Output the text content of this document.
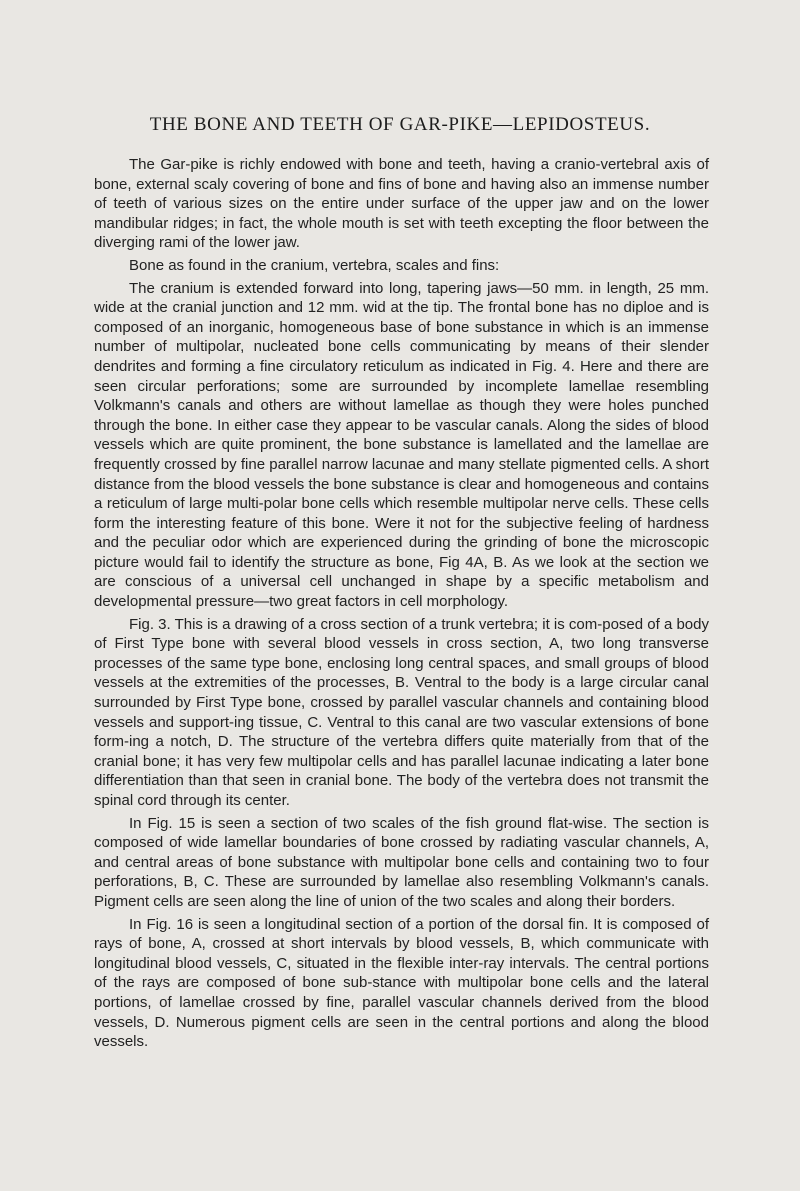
THE BONE AND TEETH OF GAR-PIKE—LEPIDOSTEUS.

The Gar-pike is richly endowed with bone and teeth, having a cranio-vertebral axis of bone, external scaly covering of bone and fins of bone and having also an immense number of teeth of various sizes on the entire under surface of the upper jaw and on the lower mandibular ridges; in fact, the whole mouth is set with teeth excepting the floor between the diverging rami of the lower jaw.

Bone as found in the cranium, vertebra, scales and fins:

The cranium is extended forward into long, tapering jaws—50 mm. in length, 25 mm. wide at the cranial junction and 12 mm. wid at the tip. The frontal bone has no diploe and is composed of an inorganic, homogeneous base of bone substance in which is an immense number of multipolar, nucleated bone cells communicating by means of their slender dendrites and forming a fine circulatory reticulum as indicated in Fig. 4. Here and there are seen circular perforations; some are surrounded by incomplete lamellae resembling Volkmann's canals and others are without lamellae as though they were holes punched through the bone. In either case they appear to be vascular canals. Along the sides of blood vessels which are quite prominent, the bone substance is lamellated and the lamellae are frequently crossed by fine parallel narrow lacunae and many stellate pigmented cells. A short distance from the blood vessels the bone substance is clear and homogeneous and contains a reticulum of large multi-polar bone cells which resemble multipolar nerve cells. These cells form the interesting feature of this bone. Were it not for the subjective feeling of hardness and the peculiar odor which are experienced during the grinding of bone the microscopic picture would fail to identify the structure as bone, Fig 4A, B. As we look at the section we are conscious of a universal cell unchanged in shape by a specific metabolism and developmental pressure—two great factors in cell morphology.

Fig. 3. This is a drawing of a cross section of a trunk vertebra; it is com-posed of a body of First Type bone with several blood vessels in cross section, A, two long transverse processes of the same type bone, enclosing long central spaces, and small groups of blood vessels at the extremities of the processes, B. Ventral to the body is a large circular canal surrounded by First Type bone, crossed by parallel vascular channels and containing blood vessels and support-ing tissue, C. Ventral to this canal are two vascular extensions of bone form-ing a notch, D. The structure of the vertebra differs quite materially from that of the cranial bone; it has very few multipolar cells and has parallel lacunae indicating a later bone differentiation than that seen in cranial bone. The body of the vertebra does not transmit the spinal cord through its center.

In Fig. 15 is seen a section of two scales of the fish ground flat-wise. The section is composed of wide lamellar boundaries of bone crossed by radiating vascular channels, A, and central areas of bone substance with multipolar bone cells and containing two to four perforations, B, C. These are surrounded by lamellae also resembling Volkmann's canals. Pigment cells are seen along the line of union of the two scales and along their borders.

In Fig. 16 is seen a longitudinal section of a portion of the dorsal fin. It is composed of rays of bone, A, crossed at short intervals by blood vessels, B, which communicate with longitudinal blood vessels, C, situated in the flexible inter-ray intervals. The central portions of the rays are composed of bone sub-stance with multipolar bone cells and the lateral portions, of lamellae crossed by fine, parallel vascular channels derived from the blood vessels, D. Numerous pigment cells are seen in the central portions and along the blood vessels.
